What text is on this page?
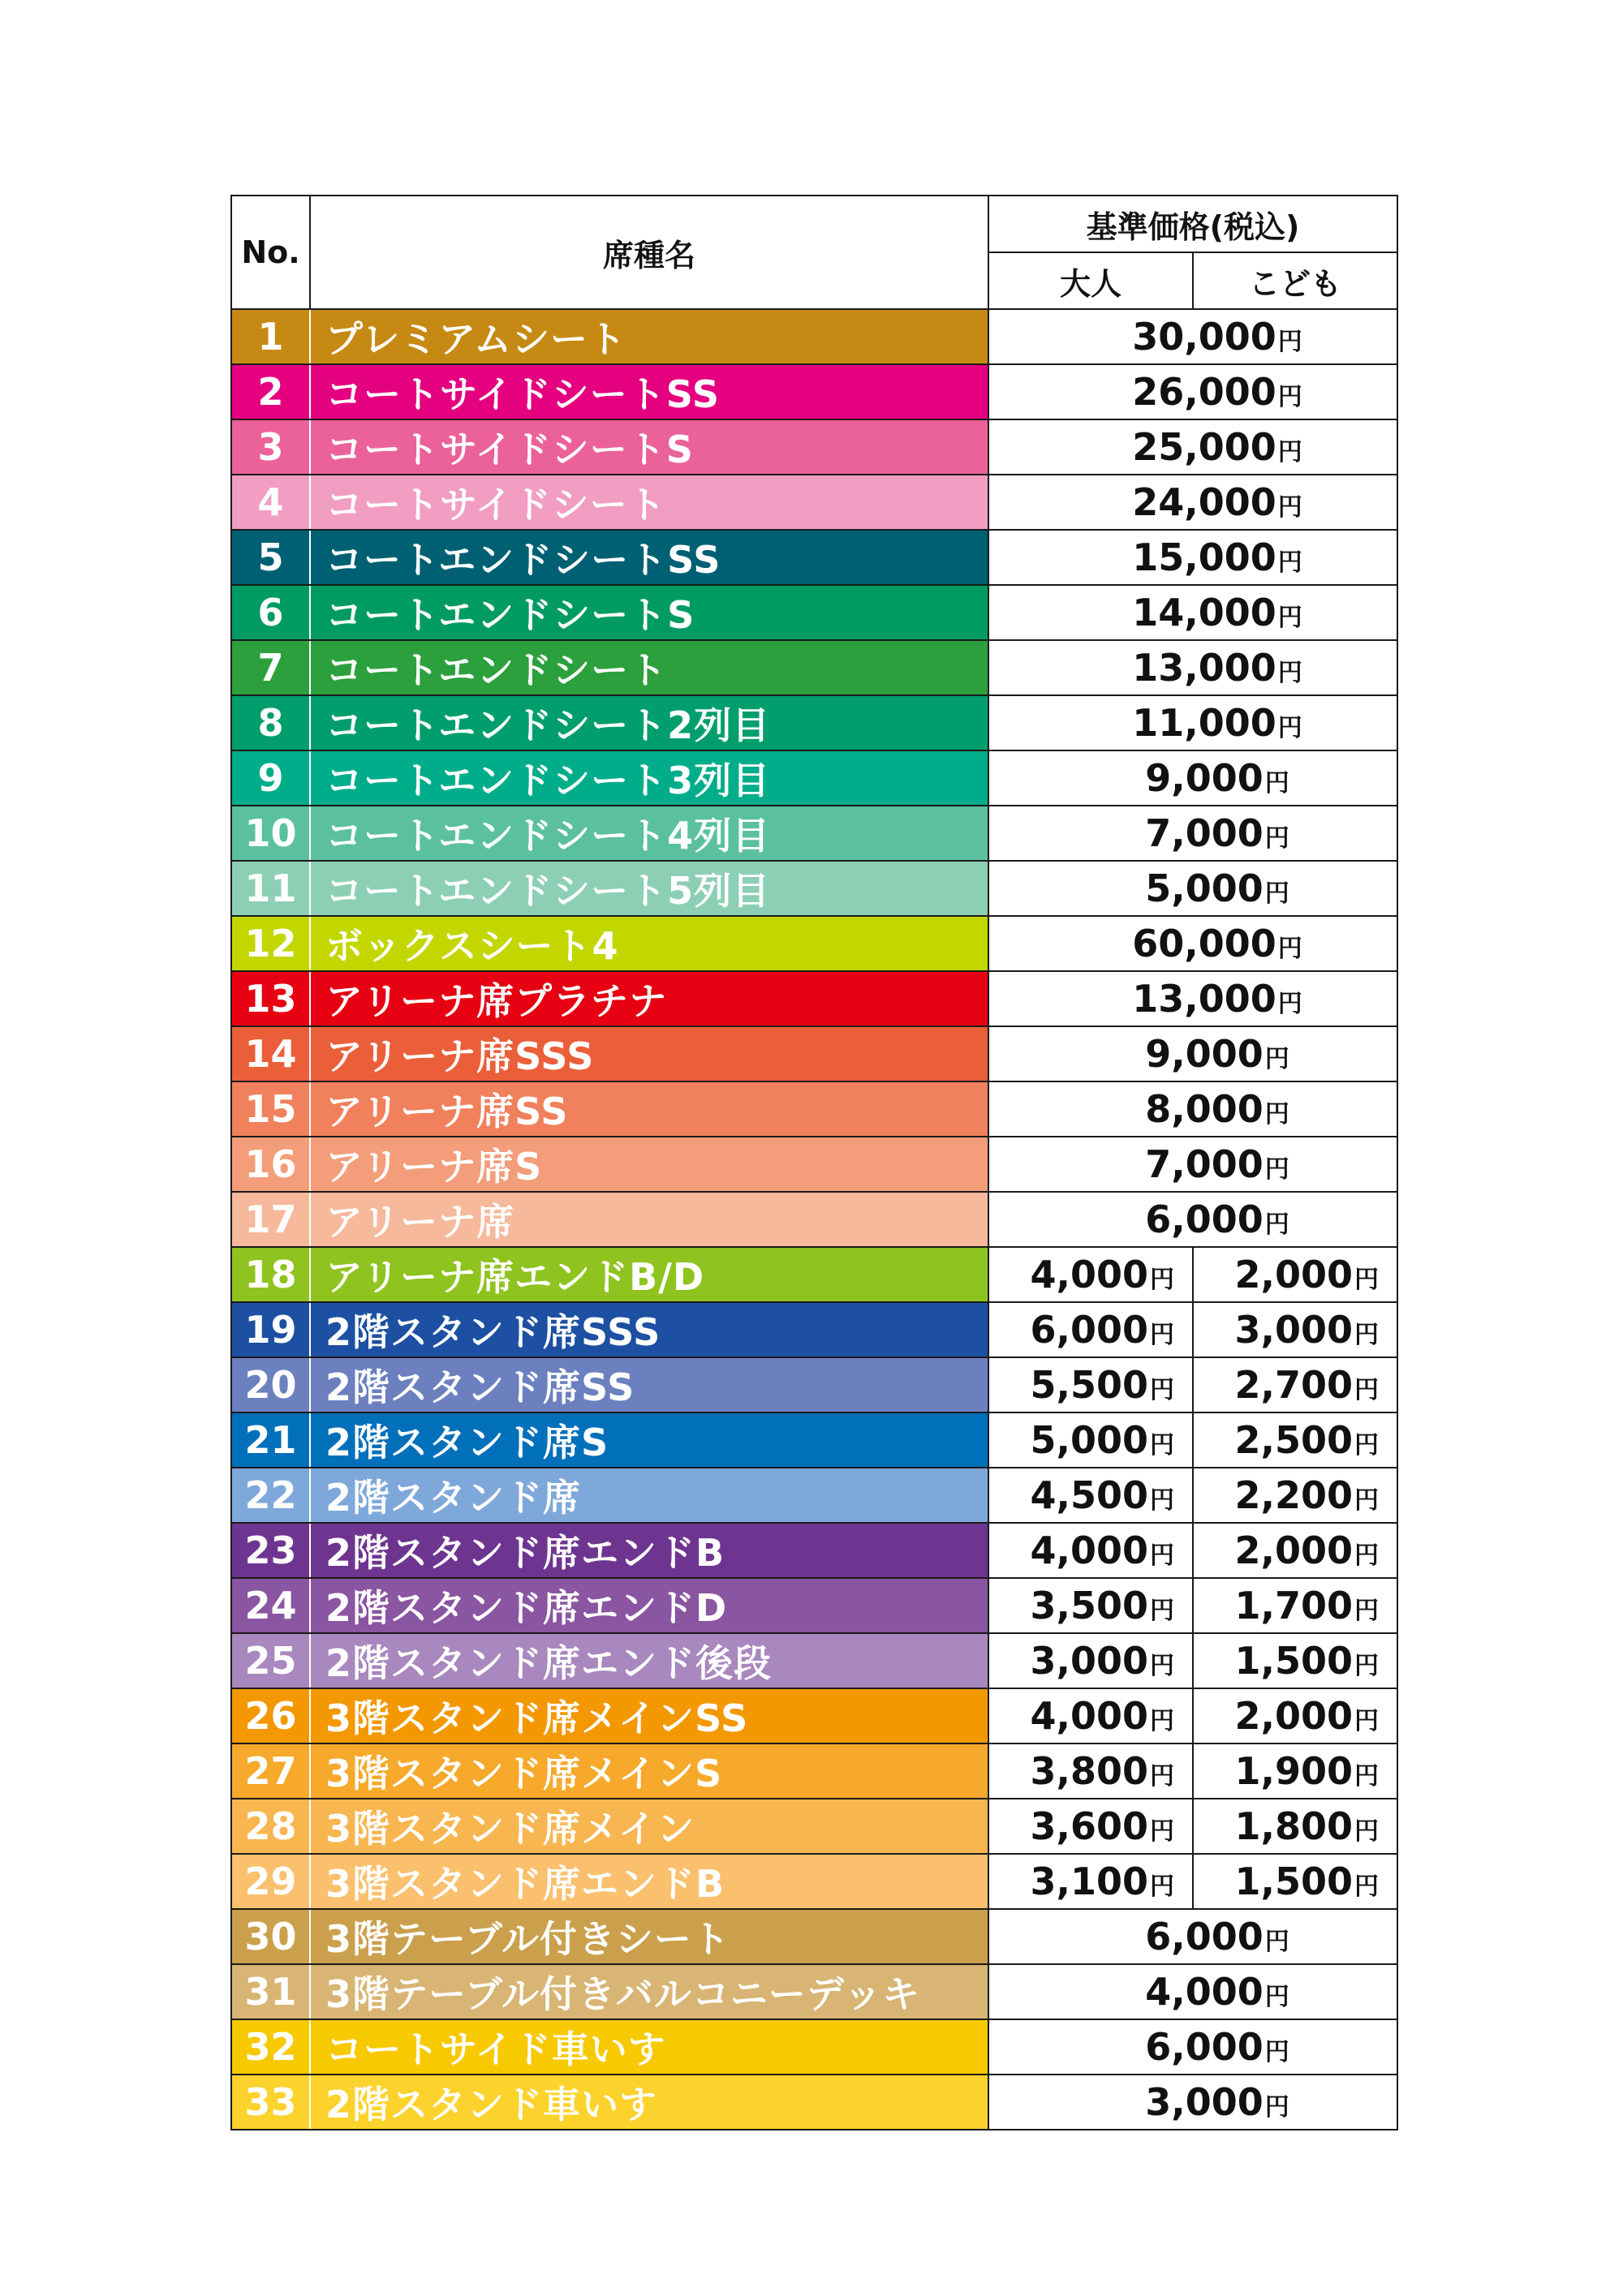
No.	席種名	基準価格(税込)	
		大人	こども
1	プレミアムシート	30,000円	
2	コートサイドシートSS	26,000円	
3	コートサイドシートS	25,000円	
4	コートサイドシート	24,000円	
5	コートエンドシートSS	15,000円	
6	コートエンドシートS	14,000円	
7	コートエンドシート	13,000円	
8	コートエンドシート2列目	11,000円	
9	コートエンドシート3列目	9,000円	
10	コートエンドシート4列目	7,000円	
11	コートエンドシート5列目	5,000円	
12	ボックスシート4	60,000円	
13	アリーナ席プラチナ	13,000円	
14	アリーナ席SSS	9,000円	
15	アリーナ席SS	8,000円	
16	アリーナ席S	7,000円	
17	アリーナ席	6,000円	
18	アリーナ席エンドB/D	4,000円	2,000円
19	2階スタンド席SSS	6,000円	3,000円
20	2階スタンド席SS	5,500円	2,700円
21	2階スタンド席S	5,000円	2,500円
22	2階スタンド席	4,500円	2,200円
23	2階スタンド席エンドB	4,000円	2,000円
24	2階スタンド席エンドD	3,500円	1,700円
25	2階スタンド席エンド後段	3,000円	1,500円
26	3階スタンド席メインSS	4,000円	2,000円
27	3階スタンド席メインS	3,800円	1,900円
28	3階スタンド席メイン	3,600円	1,800円
29	3階スタンド席エンドB	3,100円	1,500円
30	3階テーブル付きシート	6,000円	
31	3階テーブル付きバルコニーデッキ	4,000円	
32	コートサイド車いす	6,000円	
33	2階スタンド車いす	3,000円	
